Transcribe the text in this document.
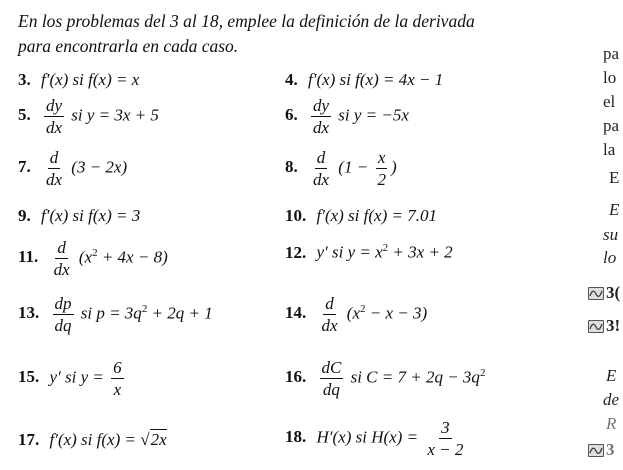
En los problemas del 3 al 18, emplee la definición de la derivada
para encontrarla en cada caso.
3. f′(x) si f(x) = x	4. f′(x) si f(x) = 4x − 1
5. $\frac{dy}{dx}$ si y = 3x + 5	6. $\frac{dy}{dx}$ si y = −5x
7. $\frac{d}{dx} (3 - 2x)$	8. $\frac{d}{dx} (1 - \frac{x}{2}$ )
9. f′(x) si f(x) = 3	10. f′(x) si f(x) = 7.01
11. $\frac{d}{dx} (x^2 + 4x - 8)$	12. y′ si $y = x^2 + 3x + 2$
13. $\frac{dp}{dq}$ si $p = 3q^2 + 2q + 1$	14. $\frac{d}{dx} (x^2 - x - 3)$
15. y′ si $y = \frac{6}{x}$	16. $\frac{dC}{dq}$ si $C = 7 + 2q - 3q^2$
17. f′(x) si f(x) = √2x	18. H′(x) si $H(x) = \frac{3}{x - 2}$
pa
lo
el
pa
la
E
E
su
lo
3(
3!
E
de
R
3
